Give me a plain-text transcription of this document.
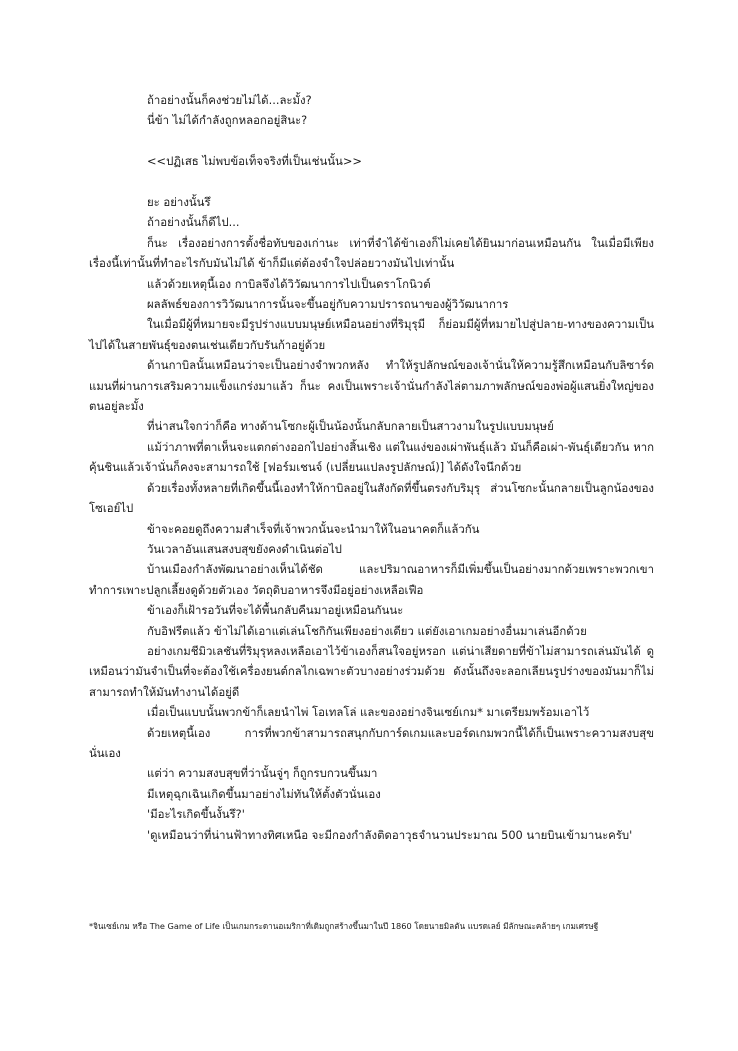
ถ้าอย่างนั้นก็คงช่วยไม่ได้...ละมั้ง?

นี่ข้า ไม่ได้กำลังถูกหลอกอยู่สินะ?

<<ปฏิเสธ ไม่พบข้อเท็จจริงที่เป็นเช่นนั้น>>

ยะ อย่างนั้นรึ

ถ้าอย่างนั้นก็ดีไป...

ก็นะ เรื่องอย่างการตั้งชื่อทับของเก่านะ เท่าที่จำได้ข้าเองก็ไม่เคยได้ยินมาก่อนเหมือนกัน ในเมื่อมีเพียงเรื่องนี้เท่านั้นที่ทำอะไรกับมันไม่ได้ ข้าก็มีแต่ต้องจำใจปล่อยวางมันไปเท่านั้น

แล้วด้วยเหตุนี้เอง กาบิลจึงได้วิวัฒนาการไปเป็นดราโกนิวต์

ผลลัพธ์ของการวิวัฒนาการนั้นจะขึ้นอยู่กับความปรารถนาของผู้วิวัฒนาการ

ในเมื่อมีผู้ที่หมายจะมีรูปร่างแบบมนุษย์เหมือนอย่างที่ริมุรุมี ก็ย่อมมีผู้ที่หมายไปสู่ปลาย-ทางของความเป็นไปได้ในสายพันธุ์ของตนเช่นเดียวกับรันก้าอยู่ด้วย

ด้านกาบิลนั้นเหมือนว่าจะเป็นอย่างจำพวกหลัง ทำให้รูปลักษณ์ของเจ้านั่นให้ความรู้สึกเหมือนกับลิซาร์ดแมนที่ผ่านการเสริมความแข็งแกร่งมาแล้ว ก็นะ คงเป็นเพราะเจ้านั่นกำลังไล่ตามภาพลักษณ์ของพ่อผู้แสนยิ่งใหญ่ของตนอยู่ละมั้ง

ที่น่าสนใจกว่าก็คือ ทางด้านโซกะผู้เป็นน้องนั้นกลับกลายเป็นสาวงามในรูปแบบมนุษย์

แม้ว่าภาพที่ตาเห็นจะแตกต่างออกไปอย่างสิ้นเชิง แต่ในแง่ของเผ่าพันธุ์แล้ว มันก็คือเผ่า-พันธุ์เดียวกัน หากคุ้นชินแล้วเจ้านั่นก็คงจะสามารถใช้ [ฟอร์มเชนจ์ (เปลี่ยนแปลงรูปลักษณ์)] ได้ดังใจนึกด้วย

ด้วยเรื่องทั้งหลายที่เกิดขึ้นนี้เองทำให้กาบิลอยู่ในสังกัดที่ขึ้นตรงกับริมุรุ ส่วนโซกะนั้นกลายเป็นลูกน้องของโซเอย์ไป

ข้าจะคอยดูถึงความสำเร็จที่เจ้าพวกนั้นจะนำมาให้ในอนาคตก็แล้วกัน

วันเวลาอันแสนสงบสุขยังคงดำเนินต่อไป

บ้านเมืองกำลังพัฒนาอย่างเห็นได้ชัด และปริมาณอาหารก็มีเพิ่มขึ้นเป็นอย่างมากด้วยเพราะพวกเขาทำการเพาะปลูกเลี้ยงดูด้วยตัวเอง วัตถุดิบอาหารจึงมีอยู่อย่างเหลือเฟือ

ข้าเองก็เฝ้ารอวันที่จะได้พื้นกลับคืนมาอยู่เหมือนกันนะ

กับอิฟรีตแล้ว ข้าไม่ได้เอาแต่เล่นโชกิกันเพียงอย่างเดียว แต่ยังเอาเกมอย่างอื่นมาเล่นอีกด้วย

อย่างเกมชีมิวเลชันที่ริมุรุหลงเหลือเอาไว้ข้าเองก็สนใจอยู่หรอก แต่น่าเสียดายที่ข้าไม่สามารถเล่นมันได้ ดูเหมือนว่ามันจำเป็นที่จะต้องใช้เครื่องยนต์กลไกเฉพาะตัวบางอย่างร่วมด้วย ดังนั้นถึงจะลอกเลียนรูปร่างของมันมาก็ไม่สามารถทำให้มันทำงานได้อยู่ดี

เมื่อเป็นแบบนั้นพวกข้าก็เลยนำไพ่ โอเทลโล่ และของอย่างจินเซย์เกม* มาเตรียมพร้อมเอาไว้

ด้วยเหตุนี้เอง การที่พวกข้าสามารถสนุกกับการ์ดเกมและบอร์ดเกมพวกนี้ได้ก็เป็นเพราะความสงบสุขนั่นเอง

แต่ว่า ความสงบสุขที่ว่านั้นจู่ๆ ก็ถูกรบกวนขึ้นมา

มีเหตุฉุกเฉินเกิดขึ้นมาอย่างไม่ทันให้ตั้งตัวนั่นเอง

'มีอะไรเกิดขึ้นงั้นรึ?'

'ดูเหมือนว่าที่น่านฟ้าทางทิศเหนือ จะมีกองกำลังติดอาวุธจำนวนประมาณ 500 นายบินเข้ามานะครับ'

*จินเซย์เกม หรือ The Game of Life เป็นเกมกระดานอเมริกาที่เดิมถูกสร้างขึ้นมาในปี 1860 โดยนายมิลตัน แบรดเลย์ มีลักษณะคล้ายๆ เกมเศรษฐี
